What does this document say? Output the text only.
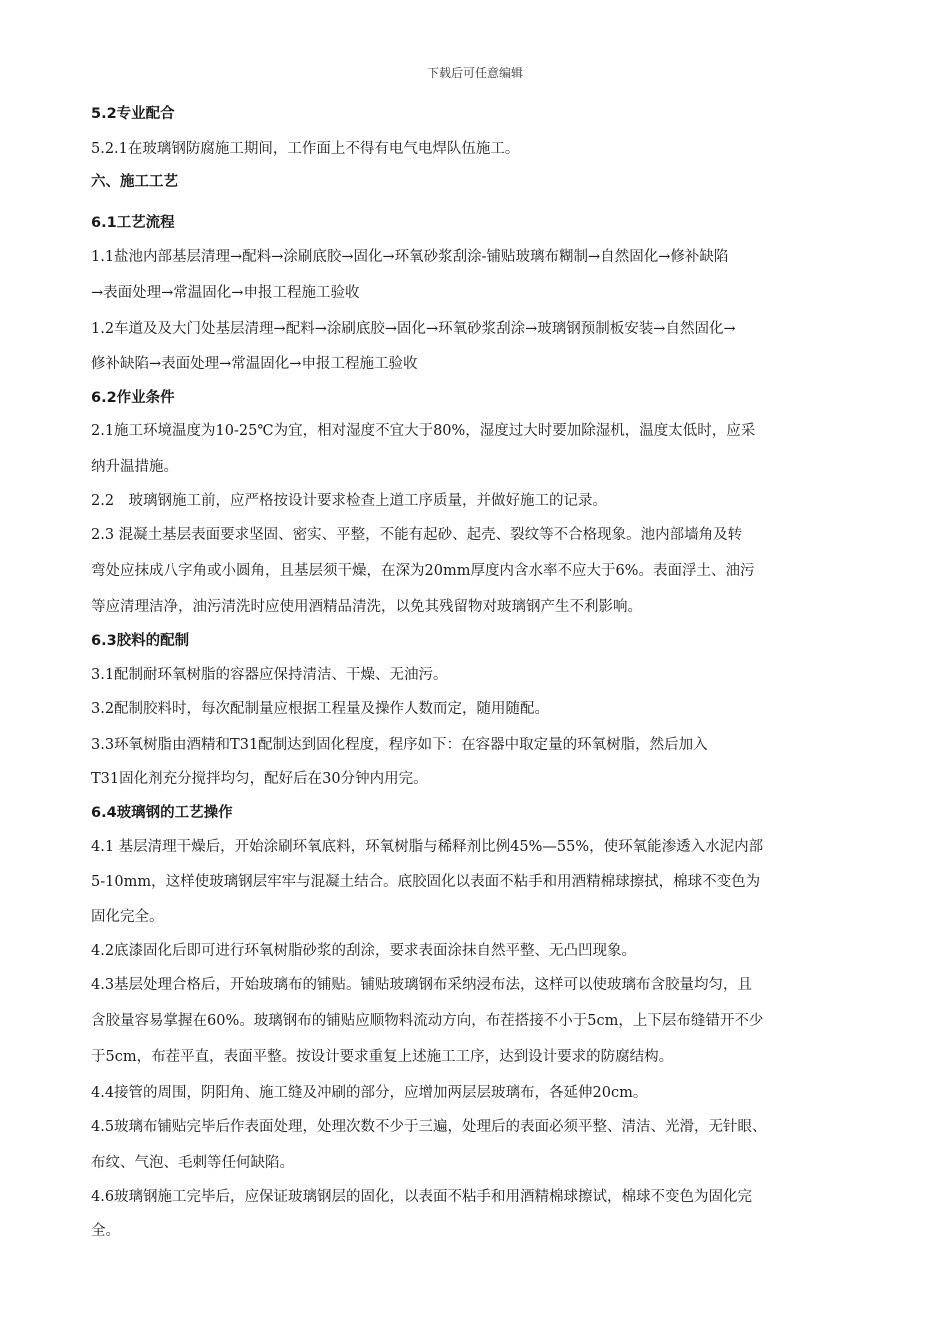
下载后可任意编辑
5.2专业配合
5.2.1在玻璃钢防腐施工期间，工作面上不得有电气电焊队伍施工。
六、施工工艺
6.1工艺流程
1.1盐池内部基层清理→配料→涂刷底胶→固化→环氧砂浆刮涂-铺贴玻璃布糊制→自然固化→修补缺陷
→表面处理→常温固化→申报工程施工验收
1.2车道及及大门处基层清理→配料→涂刷底胶→固化→环氧砂浆刮涂→玻璃钢预制板安装→自然固化→
修补缺陷→表面处理→常温固化→申报工程施工验收
6.2作业条件
2.1施工环境温度为10-25℃为宜，相对湿度不宜大于80%，湿度过大时要加除湿机，温度太低时，应采
纳升温措施。
2.2　玻璃钢施工前，应严格按设计要求检查上道工序质量，并做好施工的记录。
2.3 混凝土基层表面要求坚固、密实、平整，不能有起砂、起壳、裂纹等不合格现象。池内部墙角及转
弯处应抹成八字角或小圆角，且基层须干燥，在深为20mm厚度内含水率不应大于6%。表面浮土、油污
等应清理洁净，油污清洗时应使用酒精品清洗，以免其残留物对玻璃钢产生不利影响。
6.3胶料的配制
3.1配制耐环氧树脂的容器应保持清洁、干燥、无油污。
3.2配制胶料时，每次配制量应根据工程量及操作人数而定，随用随配。
3.3环氧树脂由酒精和T31配制达到固化程度，程序如下：在容器中取定量的环氧树脂，然后加入
T31固化剂充分搅拌均匀，配好后在30分钟内用完。
6.4玻璃钢的工艺操作
4.1 基层清理干燥后，开始涂刷环氧底料，环氧树脂与稀释剂比例45%—55%，使环氧能渗透入水泥内部
5-10mm，这样使玻璃钢层牢牢与混凝土结合。底胶固化以表面不粘手和用酒精棉球擦拭，棉球不变色为
固化完全。
4.2底漆固化后即可进行环氧树脂砂浆的刮涂，要求表面涂抹自然平整、无凸凹现象。
4.3基层处理合格后，开始玻璃布的铺贴。铺贴玻璃钢布采纳浸布法，这样可以使玻璃布含胶量均匀，且
含胶量容易掌握在60%。玻璃钢布的铺贴应顺物料流动方向，布茬搭接不小于5cm，上下层布缝错开不少
于5cm，布茬平直，表面平整。按设计要求重复上述施工工序，达到设计要求的防腐结构。
4.4接管的周围，阴阳角、施工缝及冲刷的部分，应增加两层层玻璃布，各延伸20cm。
4.5玻璃布铺贴完毕后作表面处理，处理次数不少于三遍，处理后的表面必须平整、清洁、光滑，无针眼、
布纹、气泡、毛刺等任何缺陷。
4.6玻璃钢施工完毕后，应保证玻璃钢层的固化，以表面不粘手和用酒精棉球擦试，棉球不变色为固化完
全。
